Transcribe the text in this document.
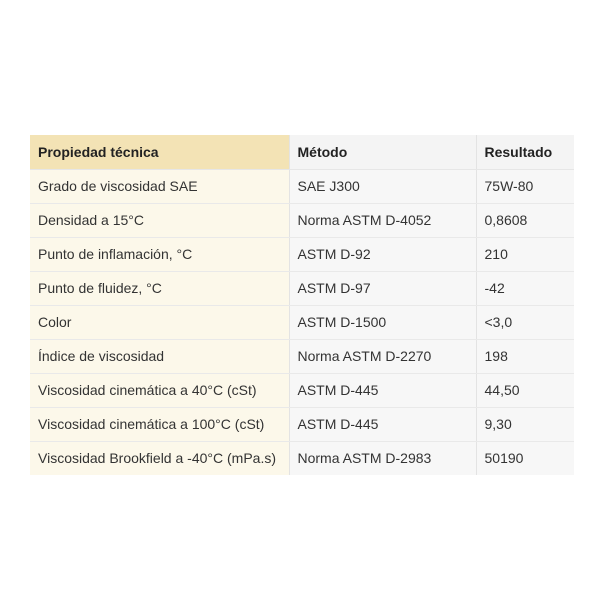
Propiedad técnica	Método	Resultado
Grado de viscosidad SAE	SAE J300	75W-80
Densidad a 15°C	Norma ASTM D-4052	0,8608
Punto de inflamación, °C	ASTM D-92	210
Punto de fluidez, °C	ASTM D-97	-42
Color	ASTM D-1500	<3,0
Índice de viscosidad	Norma ASTM D-2270	198
Viscosidad cinemática a 40°C (cSt)	ASTM D-445	44,50
Viscosidad cinemática a 100°C (cSt)	ASTM D-445	9,30
Viscosidad Brookfield a -40°C (mPa.s)	Norma ASTM D-2983	50190
